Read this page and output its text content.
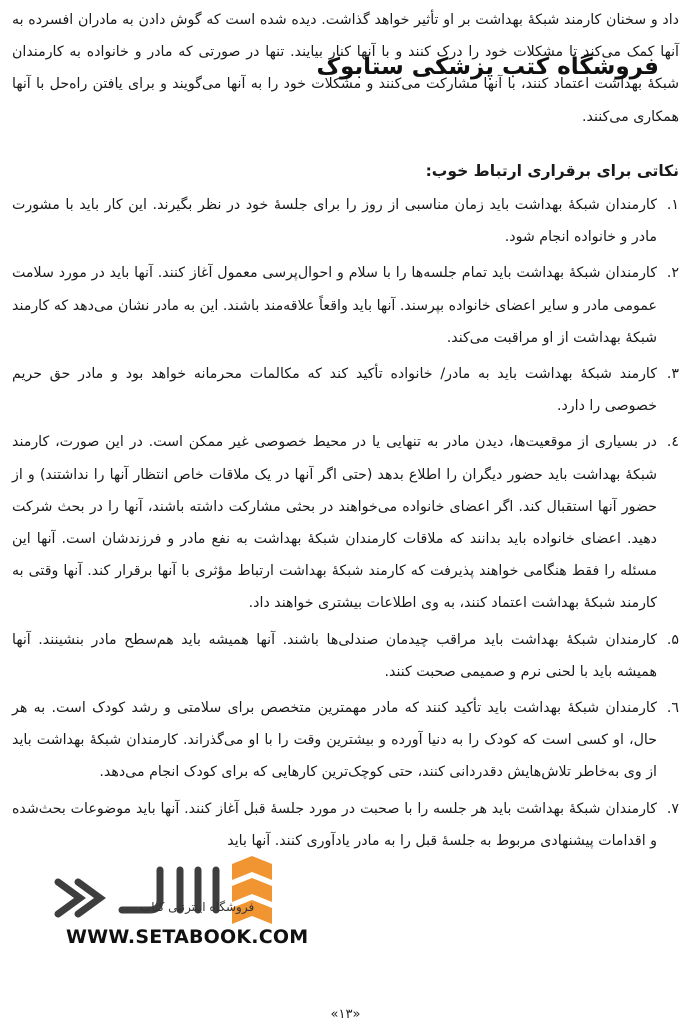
داد و سخنان کارمند شبکهٔ بهداشت بر او تأثیر خواهد گذاشت. دیده شده است که گوش دادن به مادران افسرده به آنها کمک می‌کند تا مشکلات خود را درک کنند و با آنها کنار بیایند. تنها در صورتی که مادر و خانواده به کارمندان شبکهٔ بهداشت اعتماد کنند، با آنها مشارکت می‌کنند و مشکلات خود را به آنها می‌گویند و برای یافتن راه‌حل با آنها همکاری می‌کنند.

نکاتی برای برقراری ارتباط خوب:
۱.
کارمندان شبکهٔ بهداشت باید زمان مناسبی از روز را برای جلسهٔ خود در نظر بگیرند. این کار باید با مشورت مادر و خانواده انجام شود.
۲.
کارمندان شبکهٔ بهداشت باید تمام جلسه‌ها را با سلام و احوال‌پرسی معمول آغاز کنند. آنها باید در مورد سلامت عمومی مادر و سایر اعضای خانواده بپرسند. آنها باید واقعاً علاقه‌مند باشند. این به مادر نشان می‌دهد که کارمند شبکهٔ بهداشت از او مراقبت می‌کند.
۳.
کارمند شبکهٔ بهداشت باید به مادر/ خانواده تأکید کند که مکالمات محرمانه خواهد بود و مادر حق حریم خصوصی را دارد.
٤.
در بسیاری از موقعیت‌ها، دیدن مادر به تنهایی یا در محیط خصوصی غیر ممکن است. در این صورت، کارمند شبکهٔ بهداشت باید حضور دیگران را اطلاع بدهد (حتی اگر آنها در یک ملاقات خاص انتظار آنها را نداشتند) و از حضور آنها استقبال کند. اگر اعضای خانواده می‌خواهند در بحثی مشارکت داشته باشند، آنها را در بحث شرکت دهید. اعضای خانواده باید بدانند که ملاقات کارمندان شبکهٔ بهداشت به نفع مادر و فرزندشان است. آنها این مسئله را فقط هنگامی خواهند پذیرفت که کارمند شبکهٔ بهداشت ارتباط مؤثری با آنها برقرار کند. آنها وقتی به کارمند شبکهٔ بهداشت اعتماد کنند، به وی اطلاعات بیشتری خواهند داد.
۵.
کارمندان شبکهٔ بهداشت باید مراقب چیدمان صندلی‌ها باشند. آنها همیشه باید هم‌سطح مادر بنشینند. آنها همیشه باید با لحنی نرم و صمیمی صحبت کنند.
٦.
کارمندان شبکهٔ بهداشت باید تأکید کنند که مادر مهمترین متخصص برای سلامتی و رشد کودک است. به هر حال، او کسی است که کودک را به دنیا آورده و بیشترین وقت را با او می‌گذراند. کارمندان شبکهٔ بهداشت باید از وی به‌خاطر تلاش‌هایش دقدردانی کنند، حتی کوچک‌ترین کارهایی که برای کودک انجام می‌دهد.
۷.
کارمندان شبکهٔ بهداشت باید هر جلسه را با صحبت در مورد جلسهٔ قبل آغاز کنند. آنها باید موضوعات بحث‌شده و اقدامات پیشنهادی مربوط به جلسهٔ قبل را به مادر یادآوری کنند. آنها باید
فروشگاه کتب پزشکی ستابوک
فروشگاه اینترنتی کتاب
WWW.SETABOOK.COM
«۱۳»
